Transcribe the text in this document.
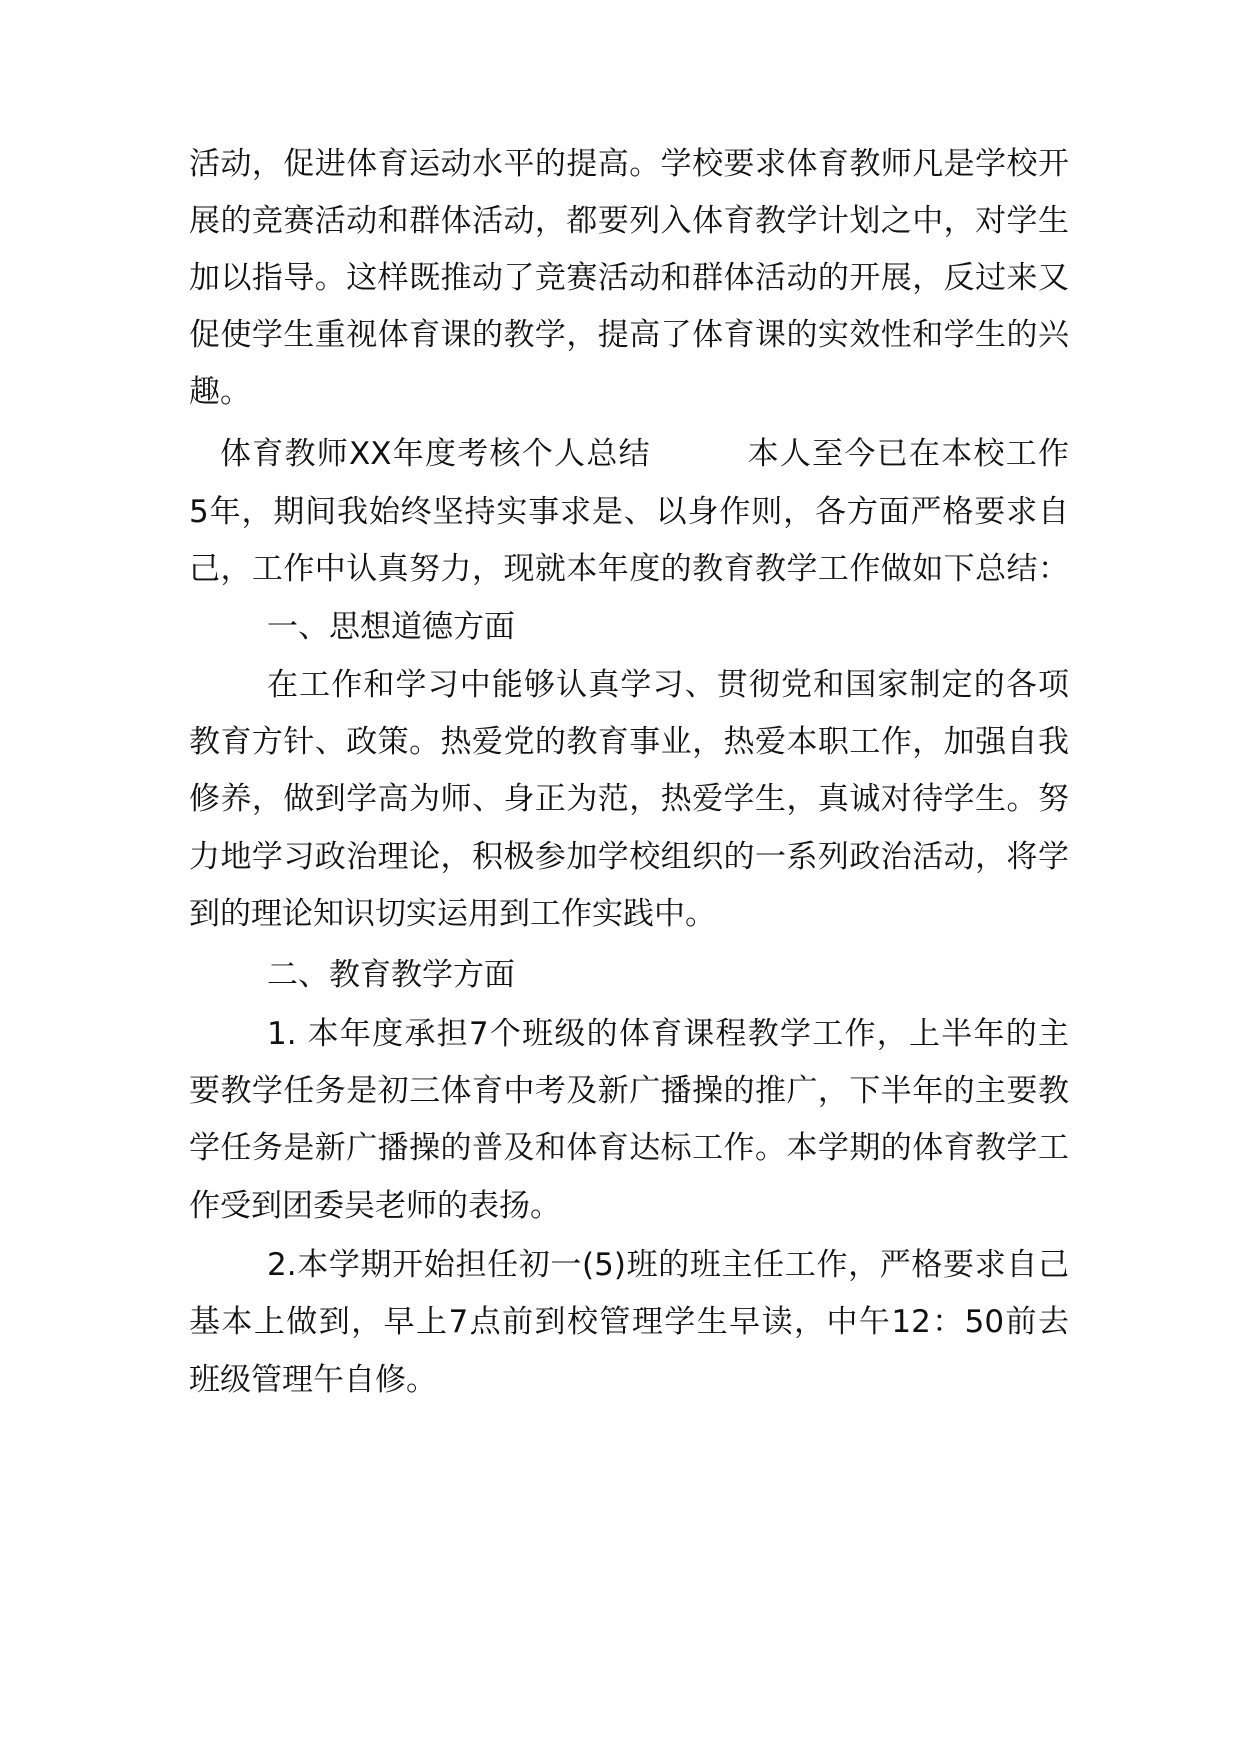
活动，促进体育运动水平的提高。学校要求体育教师凡是学校开
展的竞赛活动和群体活动，都要列入体育教学计划之中，对学生
加以指导。这样既推动了竞赛活动和群体活动的开展，反过来又
促使学生重视体育课的教学，提高了体育课的实效性和学生的兴
趣。
体育教师XX年度考核个人总结　　　本人至今已在本校工作
5年，期间我始终坚持实事求是、以身作则，各方面严格要求自
己，工作中认真努力，现就本年度的教育教学工作做如下总结：
一、思想道德方面
在工作和学习中能够认真学习、贯彻党和国家制定的各项
教育方针、政策。热爱党的教育事业，热爱本职工作，加强自我
修养，做到学高为师、身正为范，热爱学生，真诚对待学生。努
力地学习政治理论，积极参加学校组织的一系列政治活动，将学
到的理论知识切实运用到工作实践中。
二、教育教学方面
1. 本年度承担7个班级的体育课程教学工作，上半年的主
要教学任务是初三体育中考及新广播操的推广，下半年的主要教
学任务是新广播操的普及和体育达标工作。本学期的体育教学工
作受到团委吴老师的表扬。
2.本学期开始担任初一(5)班的班主任工作，严格要求自己
基本上做到，早上7点前到校管理学生早读，中午12：50前去
班级管理午自修。
